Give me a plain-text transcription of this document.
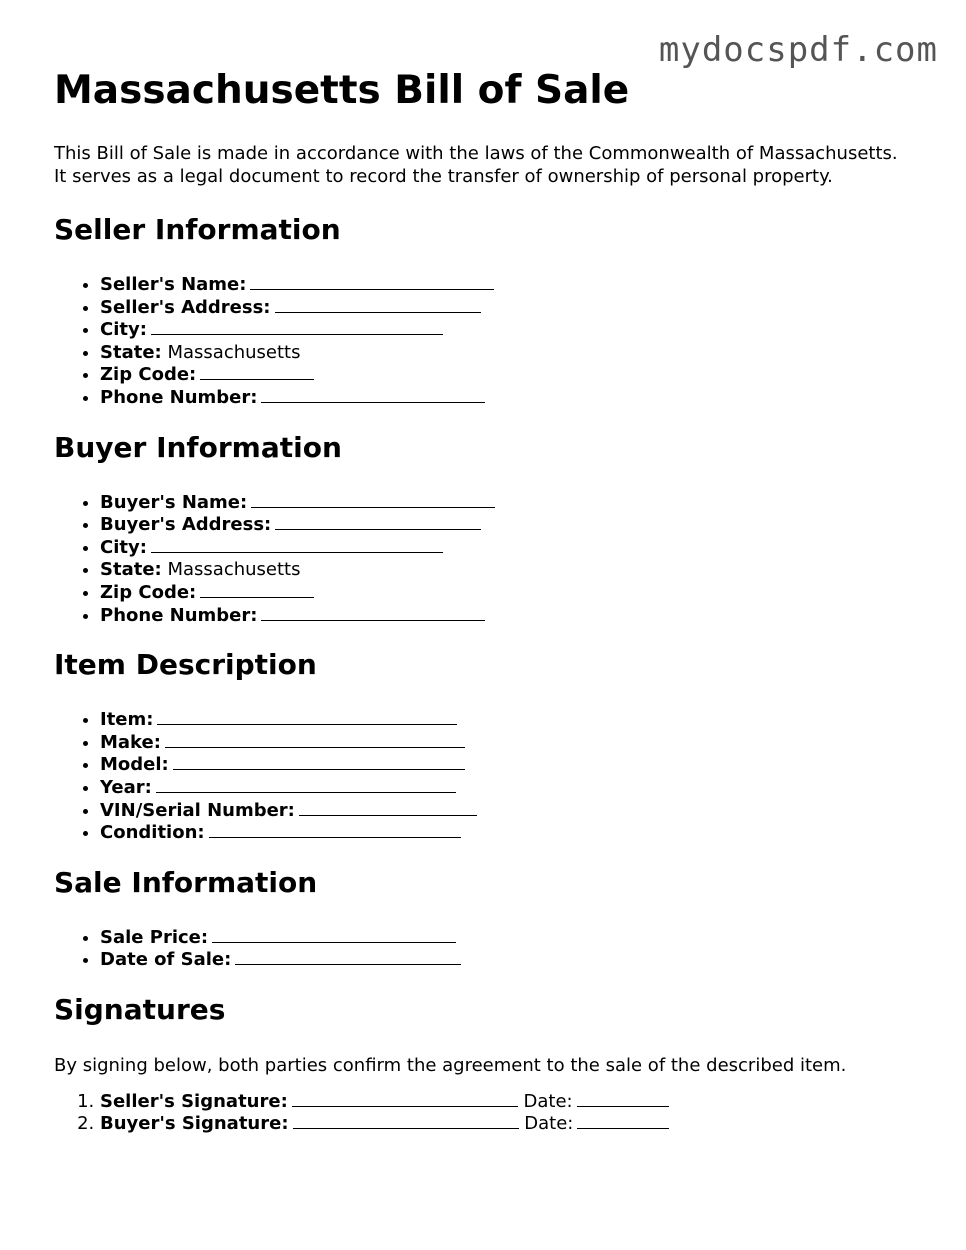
mydocspdf.com
Massachusetts Bill of Sale

This Bill of Sale is made in accordance with the laws of the Commonwealth of Massachusetts. It serves as a legal document to record the transfer of ownership of personal property.

Seller Information
• Seller's Name:
• Seller's Address:
• City:
• State: Massachusetts
• Zip Code:
• Phone Number:
Buyer Information
• Buyer's Name:
• Buyer's Address:
• City:
• State: Massachusetts
• Zip Code:
• Phone Number:
Item Description
• Item:
• Make:
• Model:
• Year:
• VIN/Serial Number:
• Condition:
Sale Information
• Sale Price:
• Date of Sale:
Signatures

By signing below, both parties confirm the agreement to the sale of the described item.

1. Seller's Signature:	Date:
2. Buyer's Signature:	Date:
